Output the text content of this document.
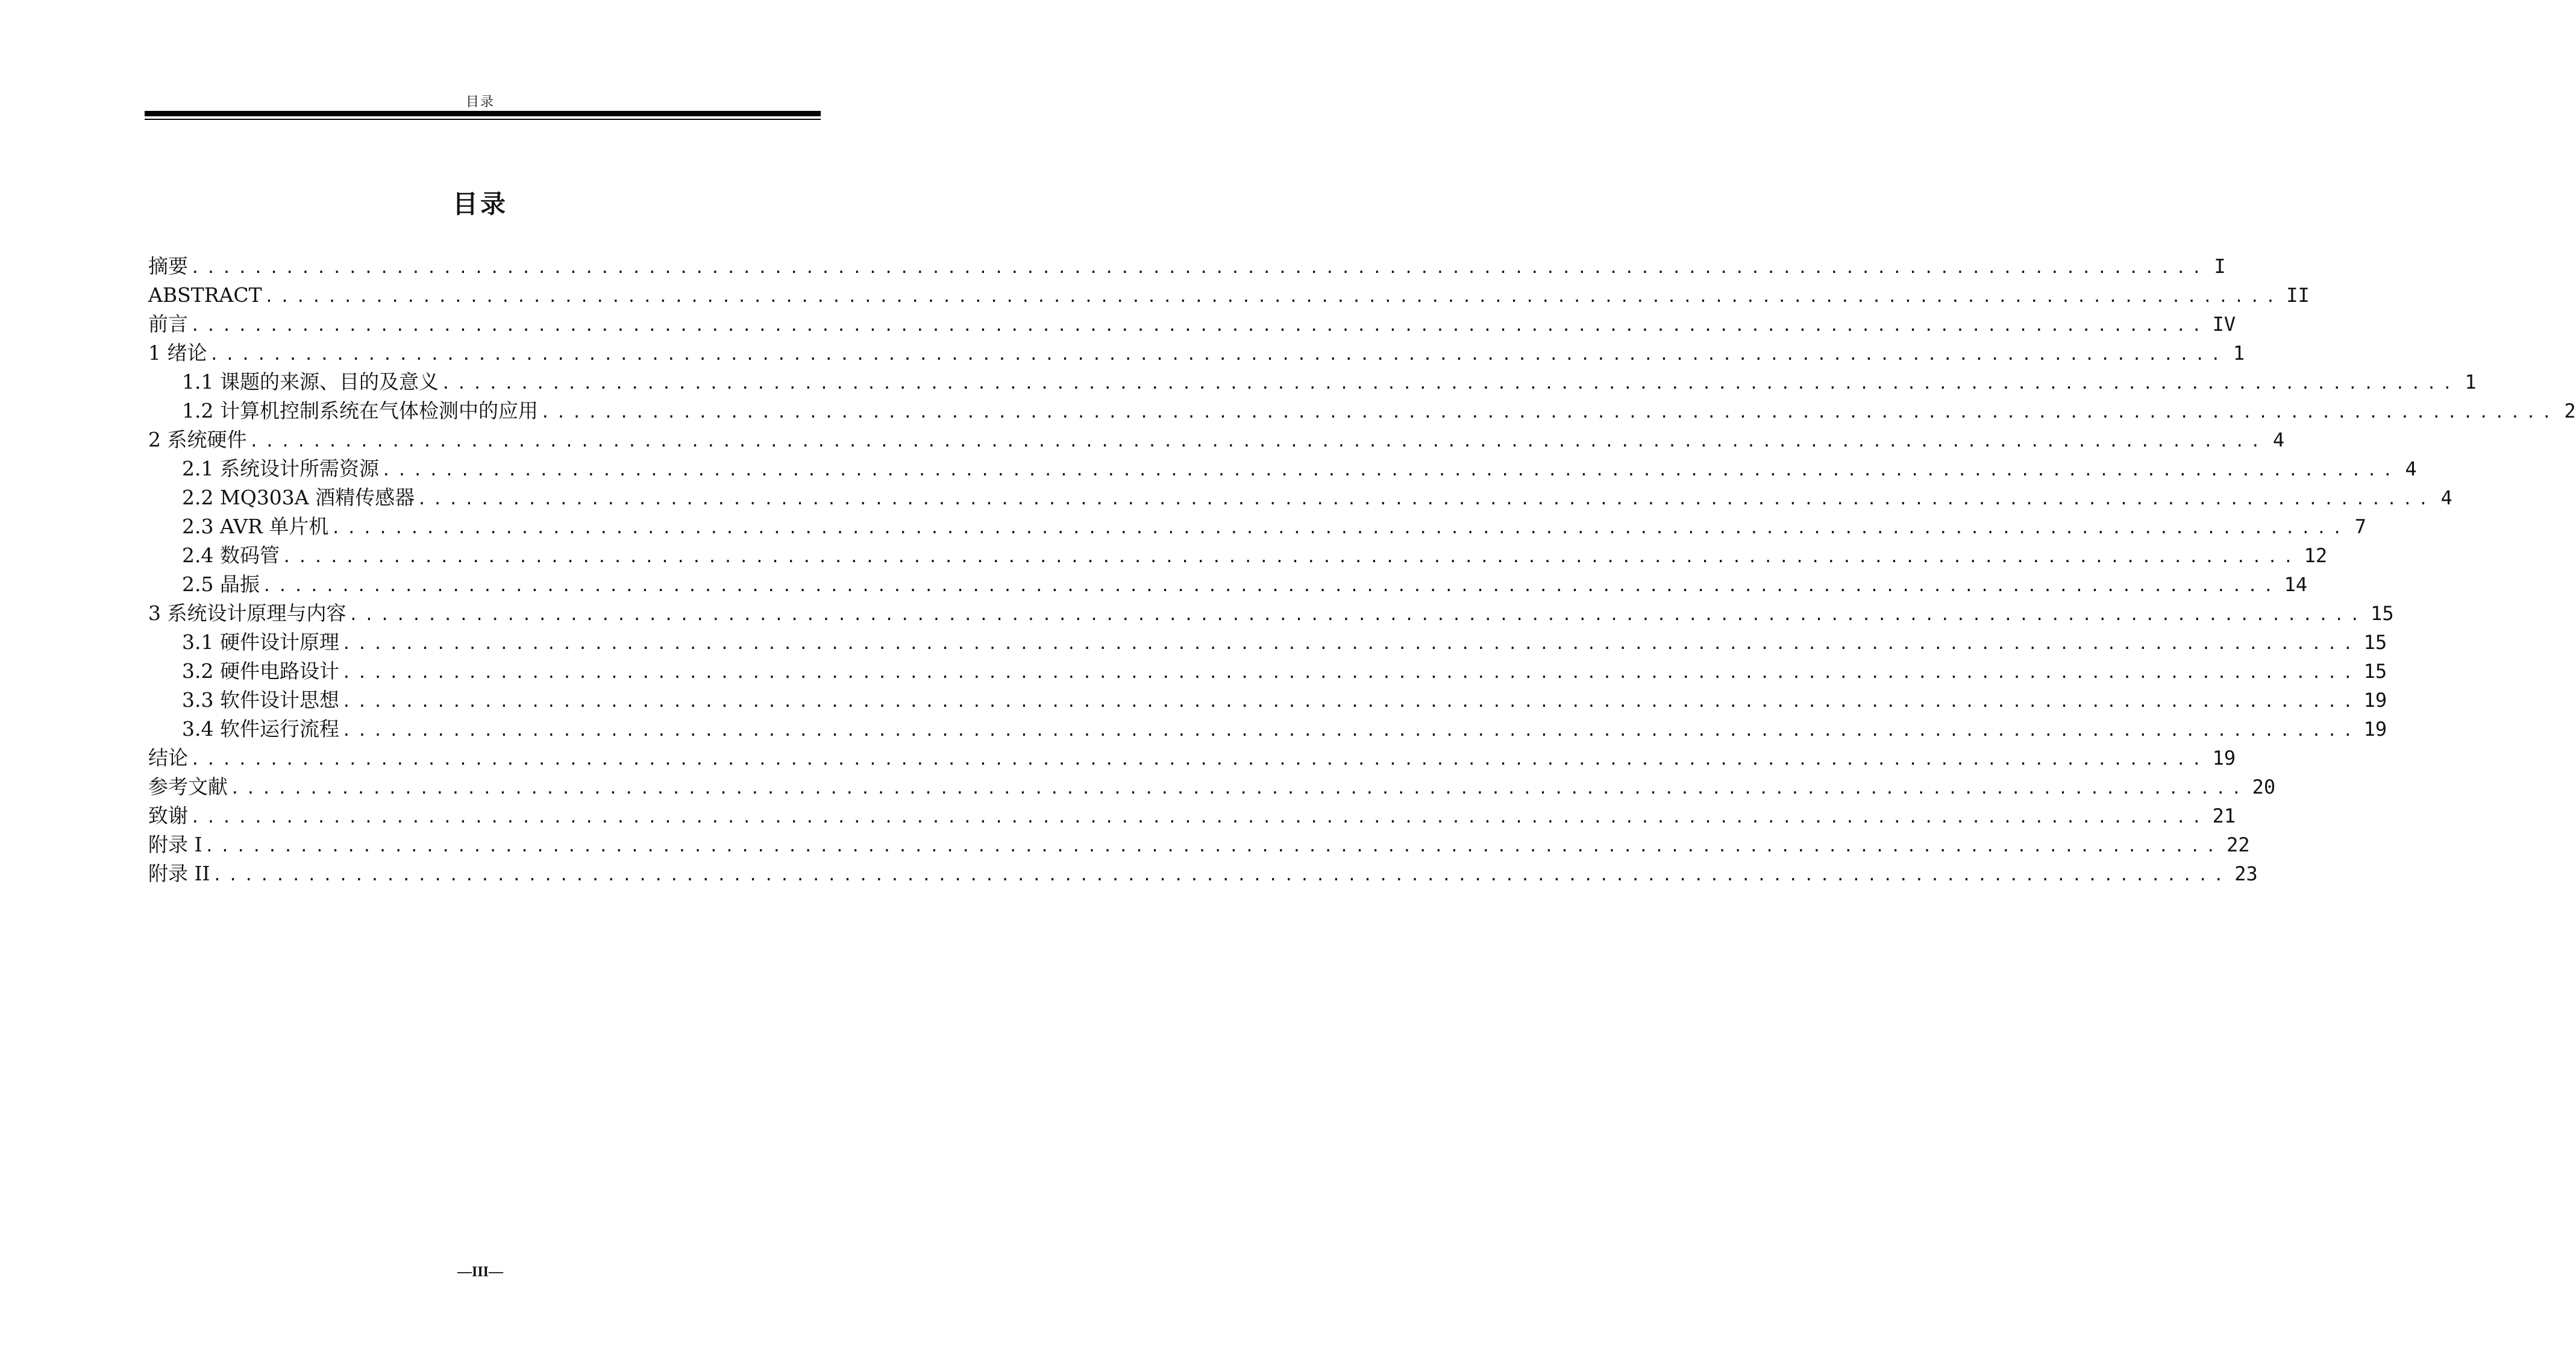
目录
目录
摘要 ................................................................................................................................ I
ABSTRACT ................................................................................................................................ II
前言 ................................................................................................................................ IV
1 绪论 ................................................................................................................................ 1
1.1 课题的来源、目的及意义 ................................................................................................................................ 1
1.2 计算机控制系统在气体检测中的应用 ................................................................................................................................ 2
2 系统硬件 ................................................................................................................................ 4
2.1 系统设计所需资源 ................................................................................................................................ 4
2.2 MQ303A 酒精传感器 ................................................................................................................................ 4
2.3 AVR 单片机 ................................................................................................................................ 7
2.4 数码管 ................................................................................................................................ 12
2.5 晶振 ................................................................................................................................ 14
3 系统设计原理与内容 ................................................................................................................................ 15
3.1 硬件设计原理 ................................................................................................................................ 15
3.2 硬件电路设计 ................................................................................................................................ 15
3.3 软件设计思想 ................................................................................................................................ 19
3.4 软件运行流程 ................................................................................................................................ 19
结论 ................................................................................................................................ 19
参考文献 ................................................................................................................................ 20
致谢 ................................................................................................................................ 21
附录 I ................................................................................................................................ 22
附录 II ................................................................................................................................ 23
—III—
